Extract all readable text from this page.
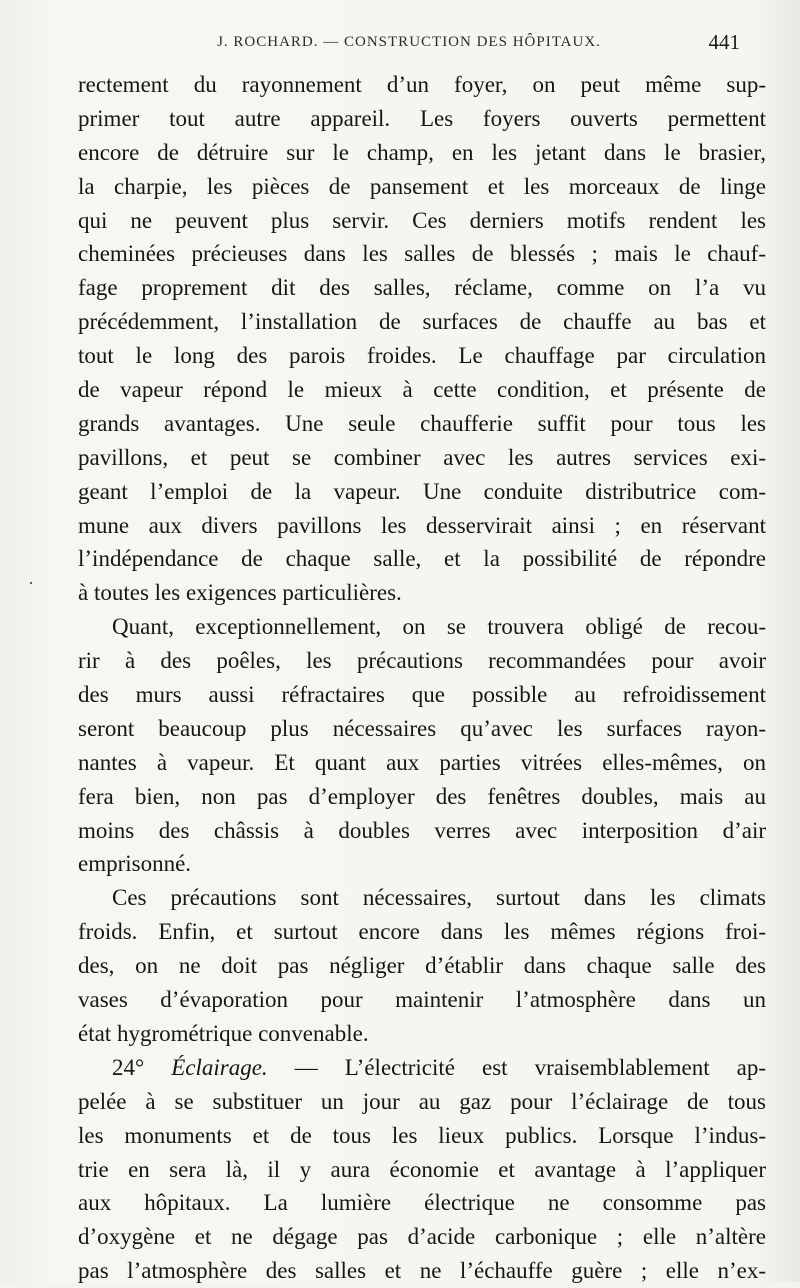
J. ROCHARD. — CONSTRUCTION DES HÔPITAUX.	441
·
rectement du rayonnement d’un foyer, on peut même sup-
primer tout autre appareil. Les foyers ouverts permettent
encore de détruire sur le champ, en les jetant dans le brasier,
la charpie, les pièces de pansement et les morceaux de linge
qui ne peuvent plus servir. Ces derniers motifs rendent les
cheminées précieuses dans les salles de blessés ; mais le chauf-
fage proprement dit des salles, réclame, comme on l’a vu
précédemment, l’installation de surfaces de chauffe au bas et
tout le long des parois froides. Le chauffage par circulation
de vapeur répond le mieux à cette condition, et présente de
grands avantages. Une seule chaufferie suffit pour tous les
pavillons, et peut se combiner avec les autres services exi-
geant l’emploi de la vapeur. Une conduite distributrice com-
mune aux divers pavillons les desservirait ainsi ; en réservant
l’indépendance de chaque salle, et la possibilité de répondre
à toutes les exigences particulières.
Quant, exceptionnellement, on se trouvera obligé de recou-
rir à des poêles, les précautions recommandées pour avoir
des murs aussi réfractaires que possible au refroidissement
seront beaucoup plus nécessaires qu’avec les surfaces rayon-
nantes à vapeur. Et quant aux parties vitrées elles-mêmes, on
fera bien, non pas d’employer des fenêtres doubles, mais au
moins des châssis à doubles verres avec interposition d’air
emprisonné.
Ces précautions sont nécessaires, surtout dans les climats
froids. Enfin, et surtout encore dans les mêmes régions froi-
des, on ne doit pas négliger d’établir dans chaque salle des
vases d’évaporation pour maintenir l’atmosphère dans un
état hygrométrique convenable.
24° Éclairage. — L’électricité est vraisemblablement ap-
pelée à se substituer un jour au gaz pour l’éclairage de tous
les monuments et de tous les lieux publics. Lorsque l’indus-
trie en sera là, il y aura économie et avantage à l’appliquer
aux hôpitaux. La lumière électrique ne consomme pas
d’oxygène et ne dégage pas d’acide carbonique ; elle n’altère
pas l’atmosphère des salles et ne l’échauffe guère ; elle n’ex-
